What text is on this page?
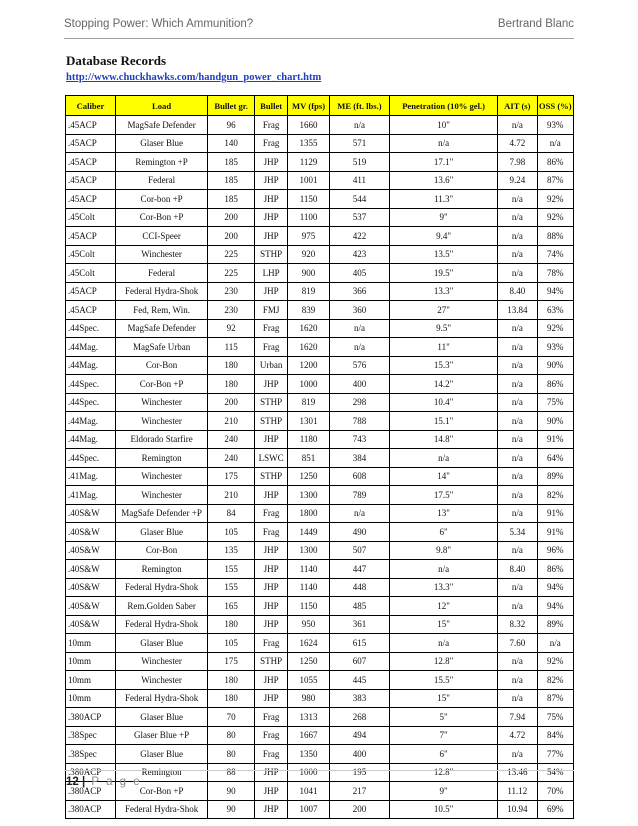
Stopping Power: Which Ammunition?	Bertrand Blanc
Database Records
http://www.chuckhawks.com/handgun_power_chart.htm
Caliber	Load	Bullet gr.	Bullet	MV (fps)	ME (ft. lbs.)	Penetration (10% gel.)	AIT (s)	OSS (%)
.45ACP	MagSafe Defender	96	Frag	1660	n/a	10"	n/a	93%
.45ACP	Glaser Blue	140	Frag	1355	571	n/a	4.72	n/a
.45ACP	Remington +P	185	JHP	1129	519	17.1"	7.98	86%
.45ACP	Federal	185	JHP	1001	411	13.6"	9.24	87%
.45ACP	Cor-bon +P	185	JHP	1150	544	11.3"	n/a	92%
.45Colt	Cor-Bon +P	200	JHP	1100	537	9"	n/a	92%
.45ACP	CCI-Speer	200	JHP	975	422	9.4"	n/a	88%
.45Colt	Winchester	225	STHP	920	423	13.5"	n/a	74%
.45Colt	Federal	225	LHP	900	405	19.5"	n/a	78%
.45ACP	Federal Hydra-Shok	230	JHP	819	366	13.3"	8.40	94%
.45ACP	Fed, Rem, Win.	230	FMJ	839	360	27"	13.84	63%
.44Spec.	MagSafe Defender	92	Frag	1620	n/a	9.5"	n/a	92%
.44Mag.	MagSafe Urban	115	Frag	1620	n/a	11"	n/a	93%
.44Mag.	Cor-Bon	180	Urban	1200	576	15.3"	n/a	90%
.44Spec.	Cor-Bon +P	180	JHP	1000	400	14.2"	n/a	86%
.44Spec.	Winchester	200	STHP	819	298	10.4"	n/a	75%
.44Mag.	Winchester	210	STHP	1301	788	15.1"	n/a	90%
.44Mag.	Eldorado Starfire	240	JHP	1180	743	14.8"	n/a	91%
.44Spec.	Remington	240	LSWC	851	384	n/a	n/a	64%
.41Mag.	Winchester	175	STHP	1250	608	14"	n/a	89%
.41Mag.	Winchester	210	JHP	1300	789	17.5"	n/a	82%
.40S&W	MagSafe Defender +P	84	Frag	1800	n/a	13"	n/a	91%
.40S&W	Glaser Blue	105	Frag	1449	490	6"	5.34	91%
.40S&W	Cor-Bon	135	JHP	1300	507	9.8"	n/a	96%
.40S&W	Remington	155	JHP	1140	447	n/a	8.40	86%
.40S&W	Federal Hydra-Shok	155	JHP	1140	448	13.3"	n/a	94%
.40S&W	Rem.Golden Saber	165	JHP	1150	485	12"	n/a	94%
.40S&W	Federal Hydra-Shok	180	JHP	950	361	15"	8.32	89%
10mm	Glaser Blue	105	Frag	1624	615	n/a	7.60	n/a
10mm	Winchester	175	STHP	1250	607	12.8"	n/a	92%
10mm	Winchester	180	JHP	1055	445	15.5"	n/a	82%
10mm	Federal Hydra-Shok	180	JHP	980	383	15"	n/a	87%
.380ACP	Glaser Blue	70	Frag	1313	268	5"	7.94	75%
.38Spec	Glaser Blue +P	80	Frag	1667	494	7"	4.72	84%
.38Spec	Glaser Blue	80	Frag	1350	400	6"	n/a	77%
.380ACP	Remington	88	JHP	1000	195	12.8"	13.46	54%
.380ACP	Cor-Bon +P	90	JHP	1041	217	9"	11.12	70%
.380ACP	Federal Hydra-Shok	90	JHP	1007	200	10.5"	10.94	69%
12 | P a g e
